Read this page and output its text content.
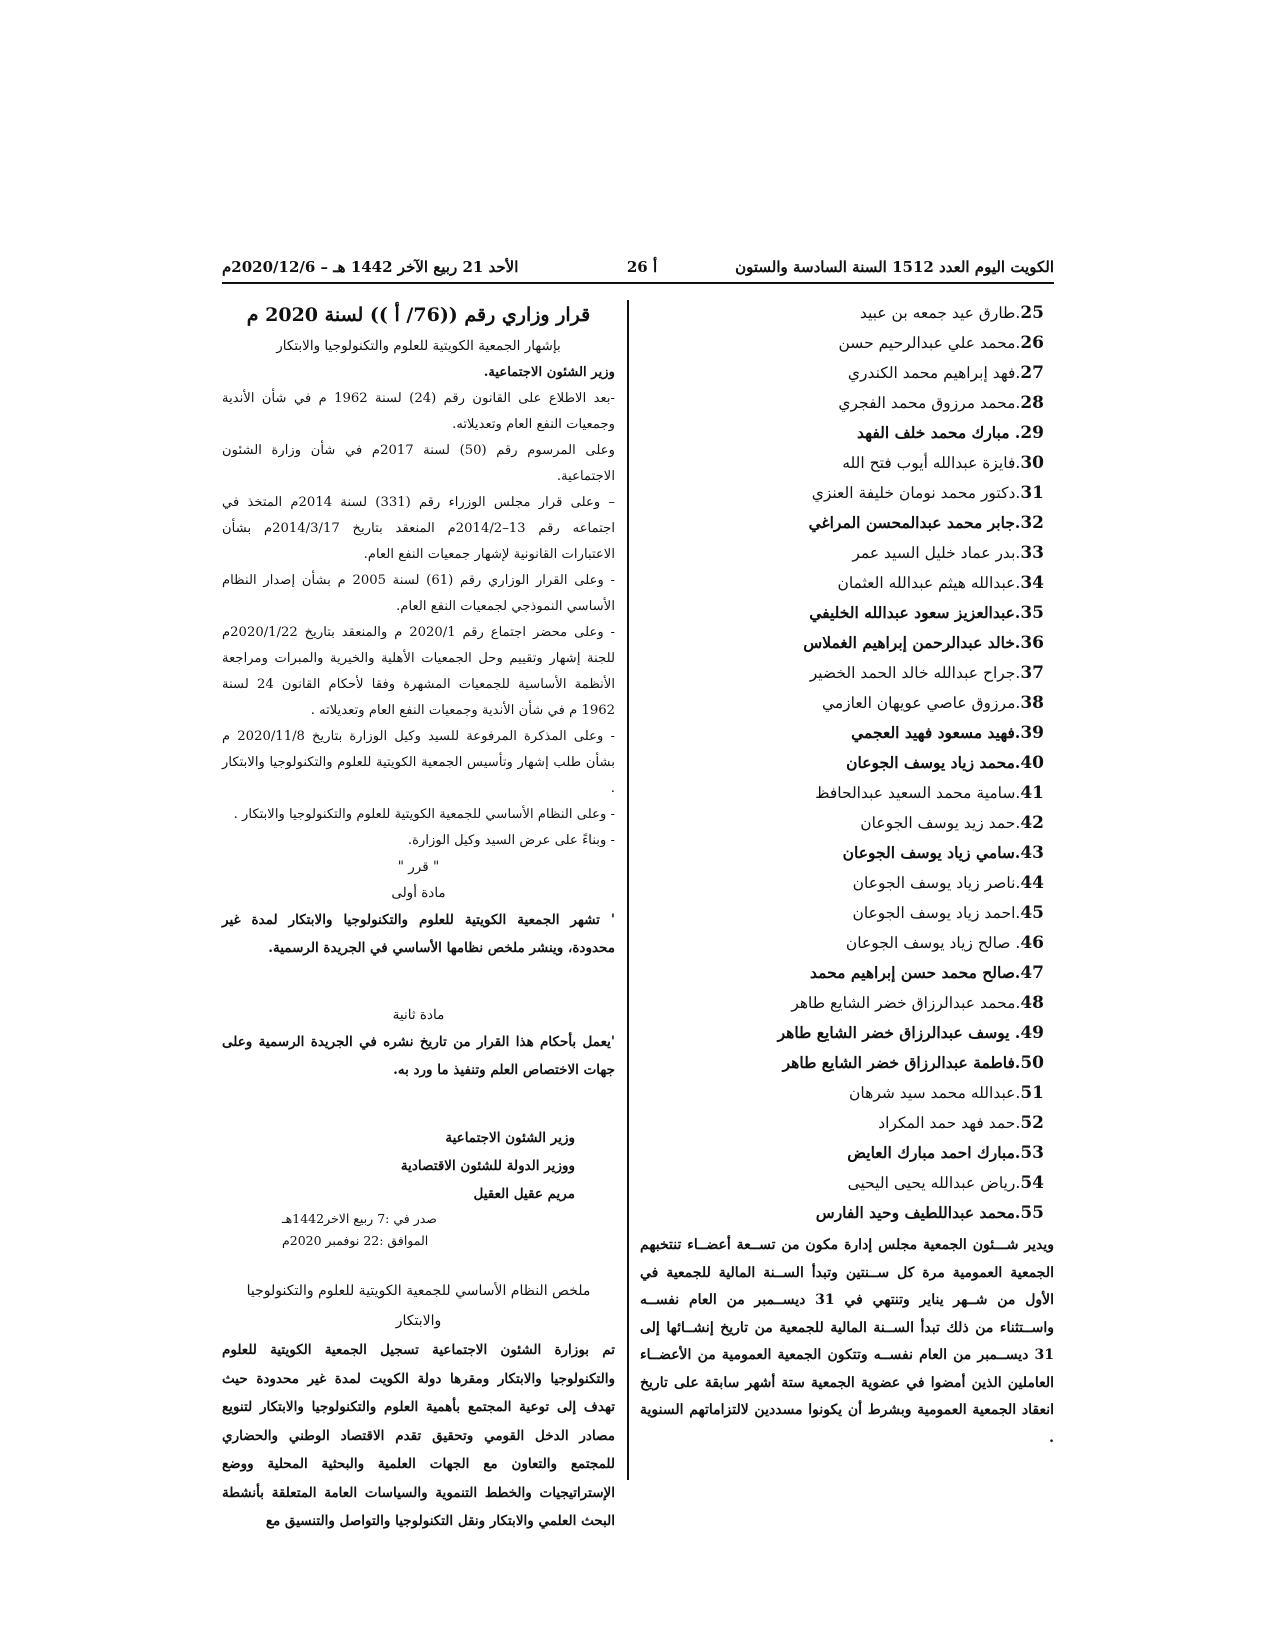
الكويت اليوم العدد 1512 السنة السادسة والستون
أ 26
الأحد 21 ربيع الآخر 1442 هـ – 2020/12/6م
25.طارق عيد جمعه بن عبيد
26.محمد علي عبدالرحيم حسن
27.فهد إبراهيم محمد الكندري
28.محمد مرزوق محمد الفجري
29. مبارك محمد خلف الفهد
30.فايزة عبدالله أيوب فتح الله
31.دكتور محمد نومان خليفة العنزي
32.جابر محمد عبدالمحسن المراغي
33.بدر عماد خليل السيد عمر
34.عبدالله هيثم عبدالله العثمان
35.عبدالعزيز سعود عبدالله الخليفي
36.خالد عبدالرحمن إبراهيم الغملاس
37.جراح عبدالله خالد الحمد الخضير
38.مرزوق عاصي عويهان العازمي
39.فهيد مسعود فهيد العجمي
40.محمد زياد يوسف الجوعان
41.سامية محمد السعيد عبدالحافظ
42.حمد زيد يوسف الجوعان
43.سامي زياد يوسف الجوعان
44.ناصر زياد يوسف الجوعان
45.احمد زياد يوسف الجوعان
46. صالح زياد يوسف الجوعان
47.صالح محمد حسن إبراهيم محمد
48.محمد عبدالرزاق خضر الشايع طاهر
49. يوسف عبدالرزاق خضر الشايع طاهر
50.فاطمة عبدالرزاق خضر الشايع طاهر
51.عبدالله محمد سيد شرهان
52.حمد فهد حمد المكراد
53.مبارك احمد مبارك العايض
54.رياض عبدالله يحيى اليحيى
55.محمد عبداللطيف وحيد الفارس

ويدير شـــئون الجمعية مجلس إدارة مكون من تســعة أعضــاء تنتخبهم الجمعية العمومية مرة كل ســنتين وتبدأ الســنة المالية للجمعية في الأول من شــهر يناير وتنتهي في 31 ديســمبر من العام نفســه واســتثناء من ذلك تبدأ الســنة المالية للجمعية من تاريخ إنشــائها إلى 31 ديســمبر من العام نفســه وتتكون الجمعية العمومية من الأعضــاء العاملين الذين أمضوا في عضوية الجمعية ستة أشهر سابقة على تاريخ انعقاد الجمعية العمومية وبشرط أن يكونوا مسددين لالتزاماتهم السنوية .

قرار وزاري رقم ((76/ أ )) لسنة 2020 م

بإشهار الجمعية الكويتية للعلوم والتكنولوجيا والابتكار

وزير الشئون الاجتماعية.

-بعد الاطلاع على القانون رقم (24) لسنة 1962 م في شأن الأندية وجمعيات النفع العام وتعديلاته.

وعلى المرسوم رقم (50) لسنة 2017م في شأن وزارة الشئون الاجتماعية.

– وعلى قرار مجلس الوزراء رقم (331) لسنة 2014م المتخذ في اجتماعه رقم 13–2014/2م المنعقد بتاريخ 2014/3/17م بشأن الاعتبارات القانونية لإشهار جمعيات النفع العام.

- وعلى القرار الوزاري رقم (61) لسنة 2005 م بشأن إصدار النظام الأساسي النموذجي لجمعيات النفع العام.

- وعلى محضر اجتماع رقم 2020/1 م والمنعقد بتاريخ 2020/1/22م للجنة إشهار وتقييم وحل الجمعيات الأهلية والخيرية والمبرات ومراجعة الأنظمة الأساسية للجمعيات المشهرة وفقا لأحكام القانون 24 لسنة 1962 م في شأن الأندية وجمعيات النفع العام وتعديلاته .

- وعلى المذكرة المرفوعة للسيد وكيل الوزارة بتاريخ 2020/11/8 م بشأن طلب إشهار وتأسيس الجمعية الكويتية للعلوم والتكنولوجيا والابتكار .

- وعلى النظام الأساسي للجمعية الكويتية للعلوم والتكنولوجيا والابتكار .

- وبناءً على عرض السيد وكيل الوزارة.

" قرر "

مادة أولى

' تشهر الجمعية الكويتية للعلوم والتكنولوجيا والابتكار لمدة غير محدودة، وينشر ملخص نظامها الأساسي في الجريدة الرسمية.

مادة ثانية

'يعمل بأحكام هذا القرار من تاريخ نشره في الجريدة الرسمية وعلى جهات الاختصاص العلم وتنفيذ ما ورد به.

وزير الشئون الاجتماعية

ووزير الدولة للشئون الاقتصادية

مريم عقيل العقيل

صدر في :7 ربيع الاخر1442هـ

الموافق :22 نوفمبر 2020م

ملخص النظام الأساسي للجمعية الكويتية للعلوم والتكنولوجيا والابتكار

تم بوزارة الشئون الاجتماعية تسجيل الجمعية الكويتية للعلوم والتكنولوجيا والابتكار ومقرها دولة الكويت لمدة غير محدودة حيث تهدف إلى توعية المجتمع بأهمية العلوم والتكنولوجيا والابتكار لتنويع مصادر الدخل القومي وتحقيق تقدم الاقتصاد الوطني والحضاري للمجتمع والتعاون مع الجهات العلمية والبحثية المحلية ووضع الإستراتيجيات والخطط التنموية والسياسات العامة المتعلقة بأنشطة البحث العلمي والابتكار ونقل التكنولوجيا والتواصل والتنسيق مع
